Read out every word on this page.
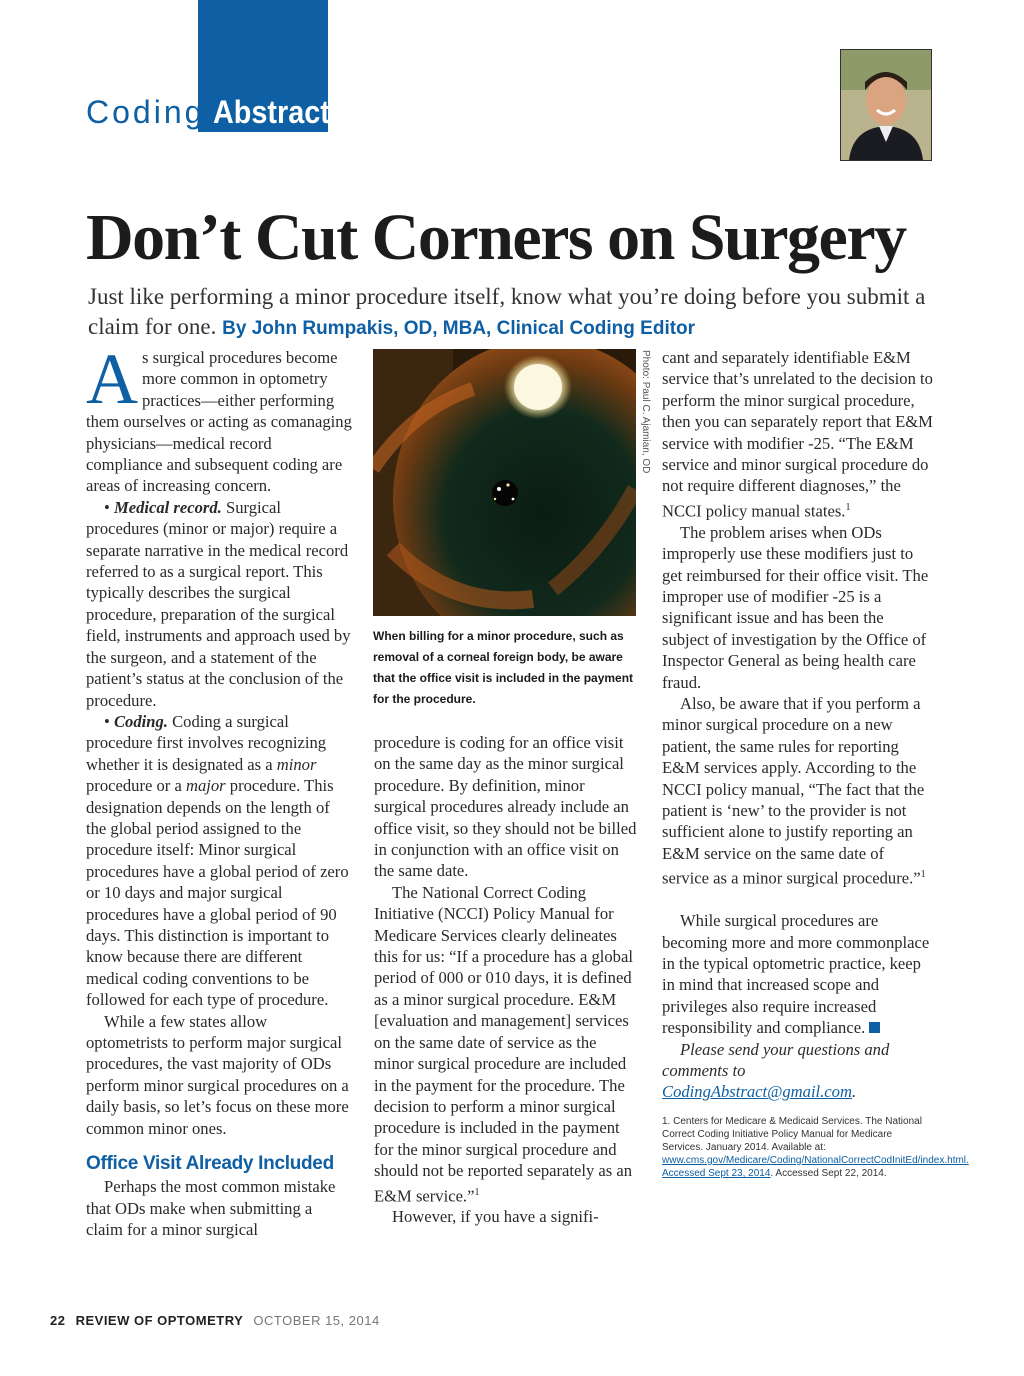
Coding Abstract
Don’t Cut Corners on Surgery
Just like performing a minor procedure itself, know what you’re doing before you submit a claim for one. By John Rumpakis, OD, MBA, Clinical Coding Editor

As surgical procedures become more common in optometry practices—either performing them ourselves or acting as comanaging physicians—medical record compliance and subsequent coding are areas of increasing concern.

• Medical record. Surgical procedures (minor or major) require a separate narrative in the medical record referred to as a surgical report. This typically describes the surgical procedure, preparation of the surgical field, instruments and approach used by the surgeon, and a statement of the patient’s status at the conclusion of the procedure.

• Coding. Coding a surgical procedure first involves recognizing whether it is designated as a minor procedure or a major procedure. This designation depends on the length of the global period assigned to the procedure itself: Minor surgical procedures have a global period of zero or 10 days and major surgical procedures have a global period of 90 days. This distinction is important to know because there are different medical coding conventions to be followed for each type of procedure.

While a few states allow optometrists to perform major surgical procedures, the vast majority of ODs perform minor surgical procedures on a daily basis, so let’s focus on these more common minor ones.

Office Visit Already Included

Perhaps the most common mistake that ODs make when submitting a claim for a minor surgical

Photo: Paul C. Ajamian, OD
When billing for a minor procedure, such as removal of a corneal foreign body, be aware that the office visit is included in the payment for the procedure.

procedure is coding for an office visit on the same day as the minor surgical procedure. By definition, minor surgical procedures already include an office visit, so they should not be billed in conjunction with an office visit on the same date.

The National Correct Coding Initiative (NCCI) Policy Manual for Medicare Services clearly delineates this for us: “If a procedure has a global period of 000 or 010 days, it is defined as a minor surgical procedure. E&M [evaluation and management] services on the same date of service as the minor surgical procedure are included in the payment for the procedure. The decision to perform a minor surgical procedure is included in the payment for the minor surgical procedure and should not be reported separately as an E&M service.”$^1$

However, if you have a signifi-

cant and separately identifiable E&M service that’s unrelated to the decision to perform the minor surgical procedure, then you can separately report that E&M service with modifier -25. “The E&M service and minor surgical procedure do not require different diagnoses,” the NCCI policy manual states.$^1$

The problem arises when ODs improperly use these modifiers just to get reimbursed for their office visit. The improper use of modifier -25 is a significant issue and has been the subject of investigation by the Office of Inspector General as being health care fraud.

Also, be aware that if you perform a minor surgical procedure on a new patient, the same rules for reporting E&M services apply. According to the NCCI policy manual, “The fact that the patient is ‘new’ to the provider is not sufficient alone to justify reporting an E&M service on the same date of service as a minor surgical procedure.”$^1$

While surgical procedures are becoming more and more commonplace in the typical optometric practice, keep in mind that increased scope and privileges also require increased responsibility and compliance.

Please send your questions and comments to CodingAbstract@gmail.com.

1. Centers for Medicare & Medicaid Services. The National Correct Coding Initiative Policy Manual for Medicare Services. January 2014. Available at: www.cms.gov/Medicare/Coding/NationalCorrectCodInitEd/index.html. Accessed Sept 23, 2014. Accessed Sept 22, 2014.

22 REVIEW OF OPTOMETRY OCTOBER 15, 2014
